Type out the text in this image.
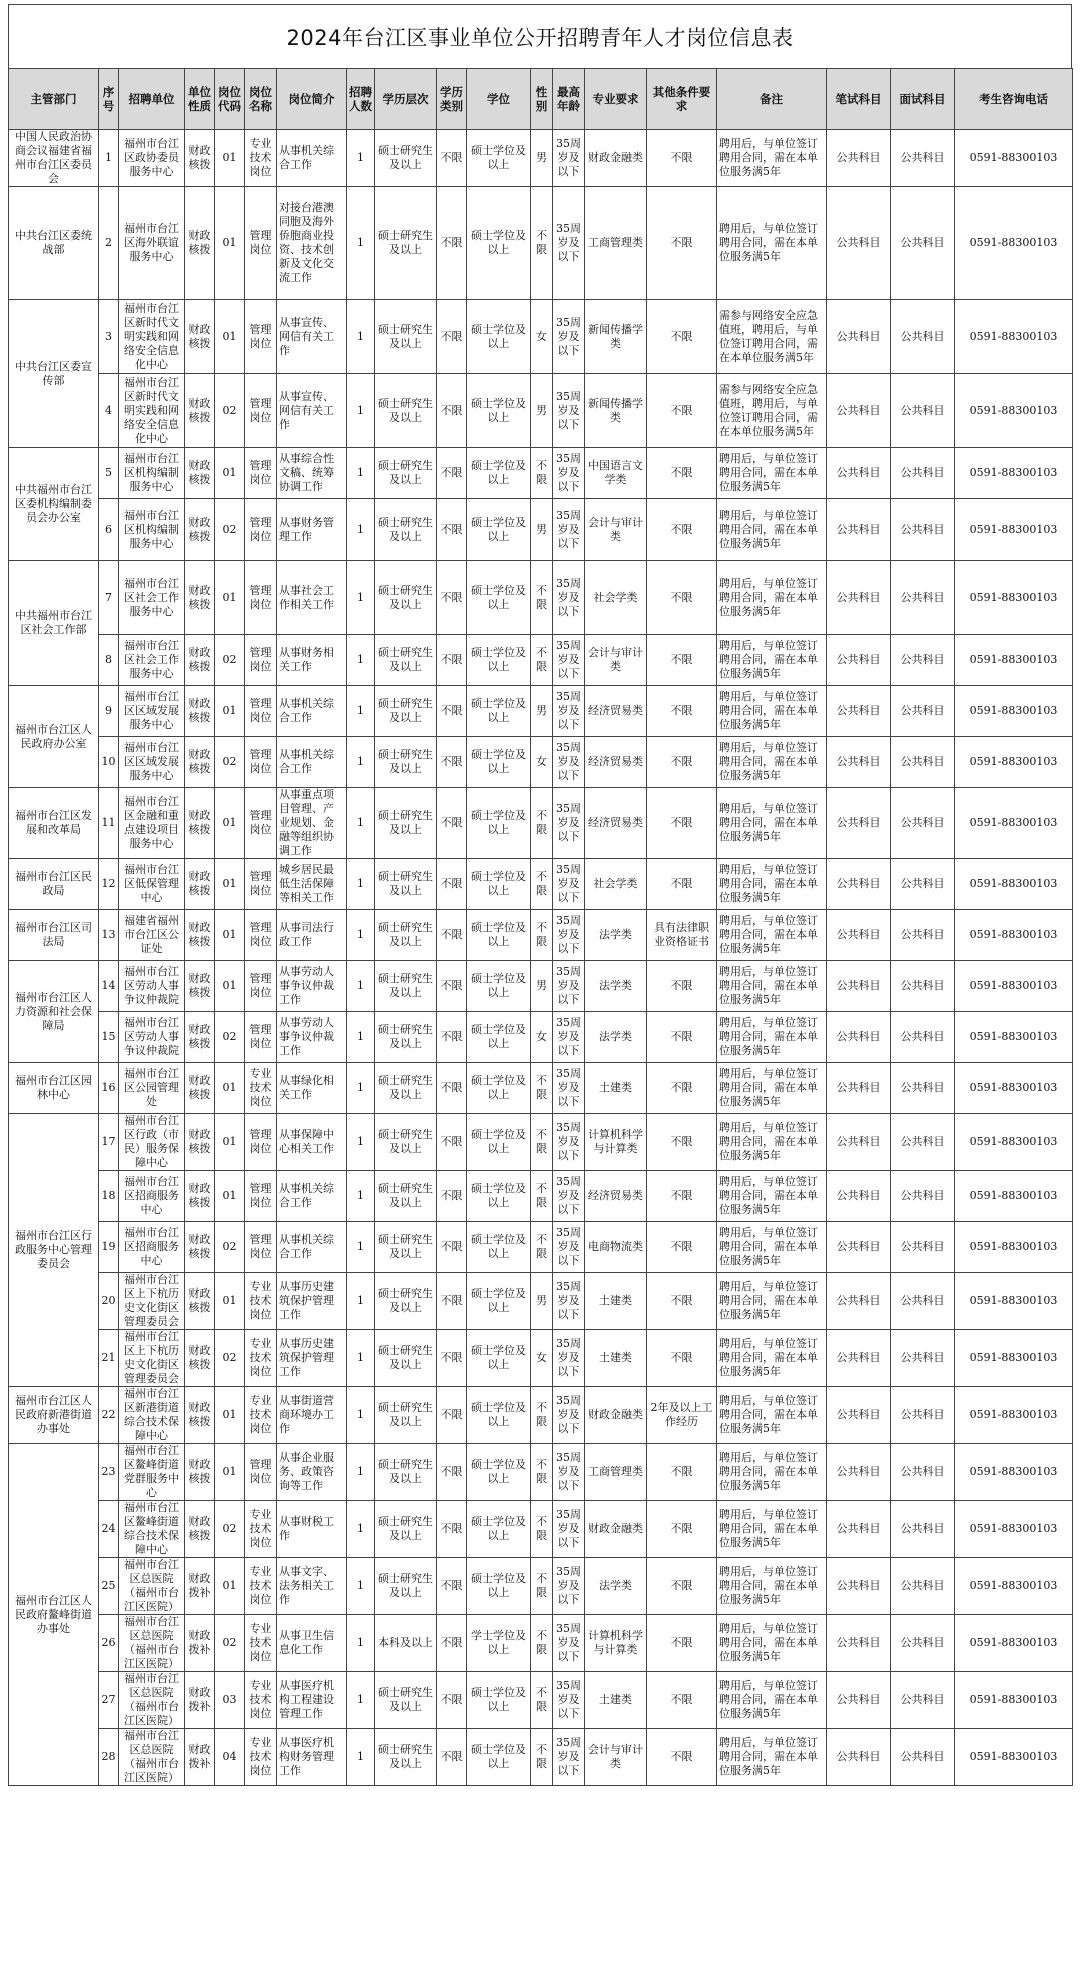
2024年台江区事业单位公开招聘青年人才岗位信息表
主管部门	序号	招聘单位	单位性质	岗位代码	岗位名称	岗位简介	招聘人数	学历层次	学历类别	学位	性别	最高年龄	专业要求	其他条件要求	备注	笔试科目	面试科目	考生咨询电话
中国人民政治协商会议福建省福州市台江区委员会	1	福州市台江区政协委员服务中心	财政核拨	01	专业技术岗位	从事机关综合工作	1	硕士研究生及以上	不限	硕士学位及以上	男	35周岁及以下	财政金融类	不限	聘用后，与单位签订聘用合同，需在本单位服务满5年	公共科目	公共科目	0591-88300103
中共台江区委统战部	2	福州市台江区海外联谊服务中心	财政核拨	01	管理岗位	对接台港澳同胞及海外侨胞商业投资、技术创新及文化交流工作	1	硕士研究生及以上	不限	硕士学位及以上	不限	35周岁及以下	工商管理类	不限	聘用后，与单位签订聘用合同，需在本单位服务满5年	公共科目	公共科目	0591-88300103
中共台江区委宣传部	3	福州市台江区新时代文明实践和网络安全信息化中心	财政核拨	01	管理岗位	从事宣传、网信有关工作	1	硕士研究生及以上	不限	硕士学位及以上	女	35周岁及以下	新闻传播学类	不限	需参与网络安全应急值班，聘用后，与单位签订聘用合同，需在本单位服务满5年	公共科目	公共科目	0591-88300103
	4	福州市台江区新时代文明实践和网络安全信息化中心	财政核拨	02	管理岗位	从事宣传、网信有关工作	1	硕士研究生及以上	不限	硕士学位及以上	男	35周岁及以下	新闻传播学类	不限	需参与网络安全应急值班，聘用后，与单位签订聘用合同，需在本单位服务满5年	公共科目	公共科目	0591-88300103
中共福州市台江区委机构编制委员会办公室	5	福州市台江区机构编制服务中心	财政核拨	01	管理岗位	从事综合性文稿、统筹协调工作	1	硕士研究生及以上	不限	硕士学位及以上	不限	35周岁及以下	中国语言文学类	不限	聘用后，与单位签订聘用合同，需在本单位服务满5年	公共科目	公共科目	0591-88300103
	6	福州市台江区机构编制服务中心	财政核拨	02	管理岗位	从事财务管理工作	1	硕士研究生及以上	不限	硕士学位及以上	男	35周岁及以下	会计与审计类	不限	聘用后，与单位签订聘用合同，需在本单位服务满5年	公共科目	公共科目	0591-88300103
中共福州市台江区社会工作部	7	福州市台江区社会工作服务中心	财政核拨	01	管理岗位	从事社会工作相关工作	1	硕士研究生及以上	不限	硕士学位及以上	不限	35周岁及以下	社会学类	不限	聘用后，与单位签订聘用合同，需在本单位服务满5年	公共科目	公共科目	0591-88300103
	8	福州市台江区社会工作服务中心	财政核拨	02	管理岗位	从事财务相关工作	1	硕士研究生及以上	不限	硕士学位及以上	不限	35周岁及以下	会计与审计类	不限	聘用后，与单位签订聘用合同，需在本单位服务满5年	公共科目	公共科目	0591-88300103
福州市台江区人民政府办公室	9	福州市台江区区域发展服务中心	财政核拨	01	管理岗位	从事机关综合工作	1	硕士研究生及以上	不限	硕士学位及以上	男	35周岁及以下	经济贸易类	不限	聘用后，与单位签订聘用合同，需在本单位服务满5年	公共科目	公共科目	0591-88300103
	10	福州市台江区区域发展服务中心	财政核拨	02	管理岗位	从事机关综合工作	1	硕士研究生及以上	不限	硕士学位及以上	女	35周岁及以下	经济贸易类	不限	聘用后，与单位签订聘用合同，需在本单位服务满5年	公共科目	公共科目	0591-88300103
福州市台江区发展和改革局	11	福州市台江区金融和重点建设项目服务中心	财政核拨	01	管理岗位	从事重点项目管理、产业规划、金融等组织协调工作	1	硕士研究生及以上	不限	硕士学位及以上	不限	35周岁及以下	经济贸易类	不限	聘用后，与单位签订聘用合同，需在本单位服务满5年	公共科目	公共科目	0591-88300103
福州市台江区民政局	12	福州市台江区低保管理中心	财政核拨	01	管理岗位	城乡居民最低生活保障等相关工作	1	硕士研究生及以上	不限	硕士学位及以上	不限	35周岁及以下	社会学类	不限	聘用后，与单位签订聘用合同，需在本单位服务满5年	公共科目	公共科目	0591-88300103
福州市台江区司法局	13	福建省福州市台江区公证处	财政核拨	01	管理岗位	从事司法行政工作	1	硕士研究生及以上	不限	硕士学位及以上	不限	35周岁及以下	法学类	具有法律职业资格证书	聘用后，与单位签订聘用合同，需在本单位服务满5年	公共科目	公共科目	0591-88300103
福州市台江区人力资源和社会保障局	14	福州市台江区劳动人事争议仲裁院	财政核拨	01	管理岗位	从事劳动人事争议仲裁工作	1	硕士研究生及以上	不限	硕士学位及以上	男	35周岁及以下	法学类	不限	聘用后，与单位签订聘用合同，需在本单位服务满5年	公共科目	公共科目	0591-88300103
	15	福州市台江区劳动人事争议仲裁院	财政核拨	02	管理岗位	从事劳动人事争议仲裁工作	1	硕士研究生及以上	不限	硕士学位及以上	女	35周岁及以下	法学类	不限	聘用后，与单位签订聘用合同，需在本单位服务满5年	公共科目	公共科目	0591-88300103
福州市台江区园林中心	16	福州市台江区公园管理处	财政核拨	01	专业技术岗位	从事绿化相关工作	1	硕士研究生及以上	不限	硕士学位及以上	不限	35周岁及以下	土建类	不限	聘用后，与单位签订聘用合同，需在本单位服务满5年	公共科目	公共科目	0591-88300103
福州市台江区行政服务中心管理委员会	17	福州市台江区行政（市民）服务保障中心	财政核拨	01	管理岗位	从事保障中心相关工作	1	硕士研究生及以上	不限	硕士学位及以上	不限	35周岁及以下	计算机科学与计算类	不限	聘用后，与单位签订聘用合同，需在本单位服务满5年	公共科目	公共科目	0591-88300103
	18	福州市台江区招商服务中心	财政核拨	01	管理岗位	从事机关综合工作	1	硕士研究生及以上	不限	硕士学位及以上	不限	35周岁及以下	经济贸易类	不限	聘用后，与单位签订聘用合同，需在本单位服务满5年	公共科目	公共科目	0591-88300103
	19	福州市台江区招商服务中心	财政核拨	02	管理岗位	从事机关综合工作	1	硕士研究生及以上	不限	硕士学位及以上	不限	35周岁及以下	电商物流类	不限	聘用后，与单位签订聘用合同，需在本单位服务满5年	公共科目	公共科目	0591-88300103
	20	福州市台江区上下杭历史文化街区管理委员会	财政核拨	01	专业技术岗位	从事历史建筑保护管理工作	1	硕士研究生及以上	不限	硕士学位及以上	男	35周岁及以下	土建类	不限	聘用后，与单位签订聘用合同，需在本单位服务满5年	公共科目	公共科目	0591-88300103
	21	福州市台江区上下杭历史文化街区管理委员会	财政核拨	02	专业技术岗位	从事历史建筑保护管理工作	1	硕士研究生及以上	不限	硕士学位及以上	女	35周岁及以下	土建类	不限	聘用后，与单位签订聘用合同，需在本单位服务满5年	公共科目	公共科目	0591-88300103
福州市台江区人民政府新港街道办事处	22	福州市台江区新港街道综合技术保障中心	财政核拨	01	专业技术岗位	从事街道营商环境办工作	1	硕士研究生及以上	不限	硕士学位及以上	不限	35周岁及以下	财政金融类	2年及以上工作经历	聘用后，与单位签订聘用合同，需在本单位服务满5年	公共科目	公共科目	0591-88300103
福州市台江区人民政府鳌峰街道办事处	23	福州市台江区鳌峰街道党群服务中心	财政核拨	01	管理岗位	从事企业服务、政策咨询等工作	1	硕士研究生及以上	不限	硕士学位及以上	不限	35周岁及以下	工商管理类	不限	聘用后，与单位签订聘用合同，需在本单位服务满5年	公共科目	公共科目	0591-88300103
	24	福州市台江区鳌峰街道综合技术保障中心	财政核拨	02	专业技术岗位	从事财税工作	1	硕士研究生及以上	不限	硕士学位及以上	不限	35周岁及以下	财政金融类	不限	聘用后，与单位签订聘用合同，需在本单位服务满5年	公共科目	公共科目	0591-88300103
	25	福州市台江区总医院（福州市台江区医院）	财政拨补	01	专业技术岗位	从事文字、法务相关工作	1	硕士研究生及以上	不限	硕士学位及以上	不限	35周岁及以下	法学类	不限	聘用后，与单位签订聘用合同，需在本单位服务满5年	公共科目	公共科目	0591-88300103
	26	福州市台江区总医院（福州市台江区医院）	财政拨补	02	专业技术岗位	从事卫生信息化工作	1	本科及以上	不限	学士学位及以上	不限	35周岁及以下	计算机科学与计算类	不限	聘用后，与单位签订聘用合同，需在本单位服务满5年	公共科目	公共科目	0591-88300103
	27	福州市台江区总医院（福州市台江区医院）	财政拨补	03	专业技术岗位	从事医疗机构工程建设管理工作	1	硕士研究生及以上	不限	硕士学位及以上	不限	35周岁及以下	土建类	不限	聘用后，与单位签订聘用合同，需在本单位服务满5年	公共科目	公共科目	0591-88300103
	28	福州市台江区总医院（福州市台江区医院）	财政拨补	04	专业技术岗位	从事医疗机构财务管理工作	1	硕士研究生及以上	不限	硕士学位及以上	不限	35周岁及以下	会计与审计类	不限	聘用后，与单位签订聘用合同，需在本单位服务满5年	公共科目	公共科目	0591-88300103
